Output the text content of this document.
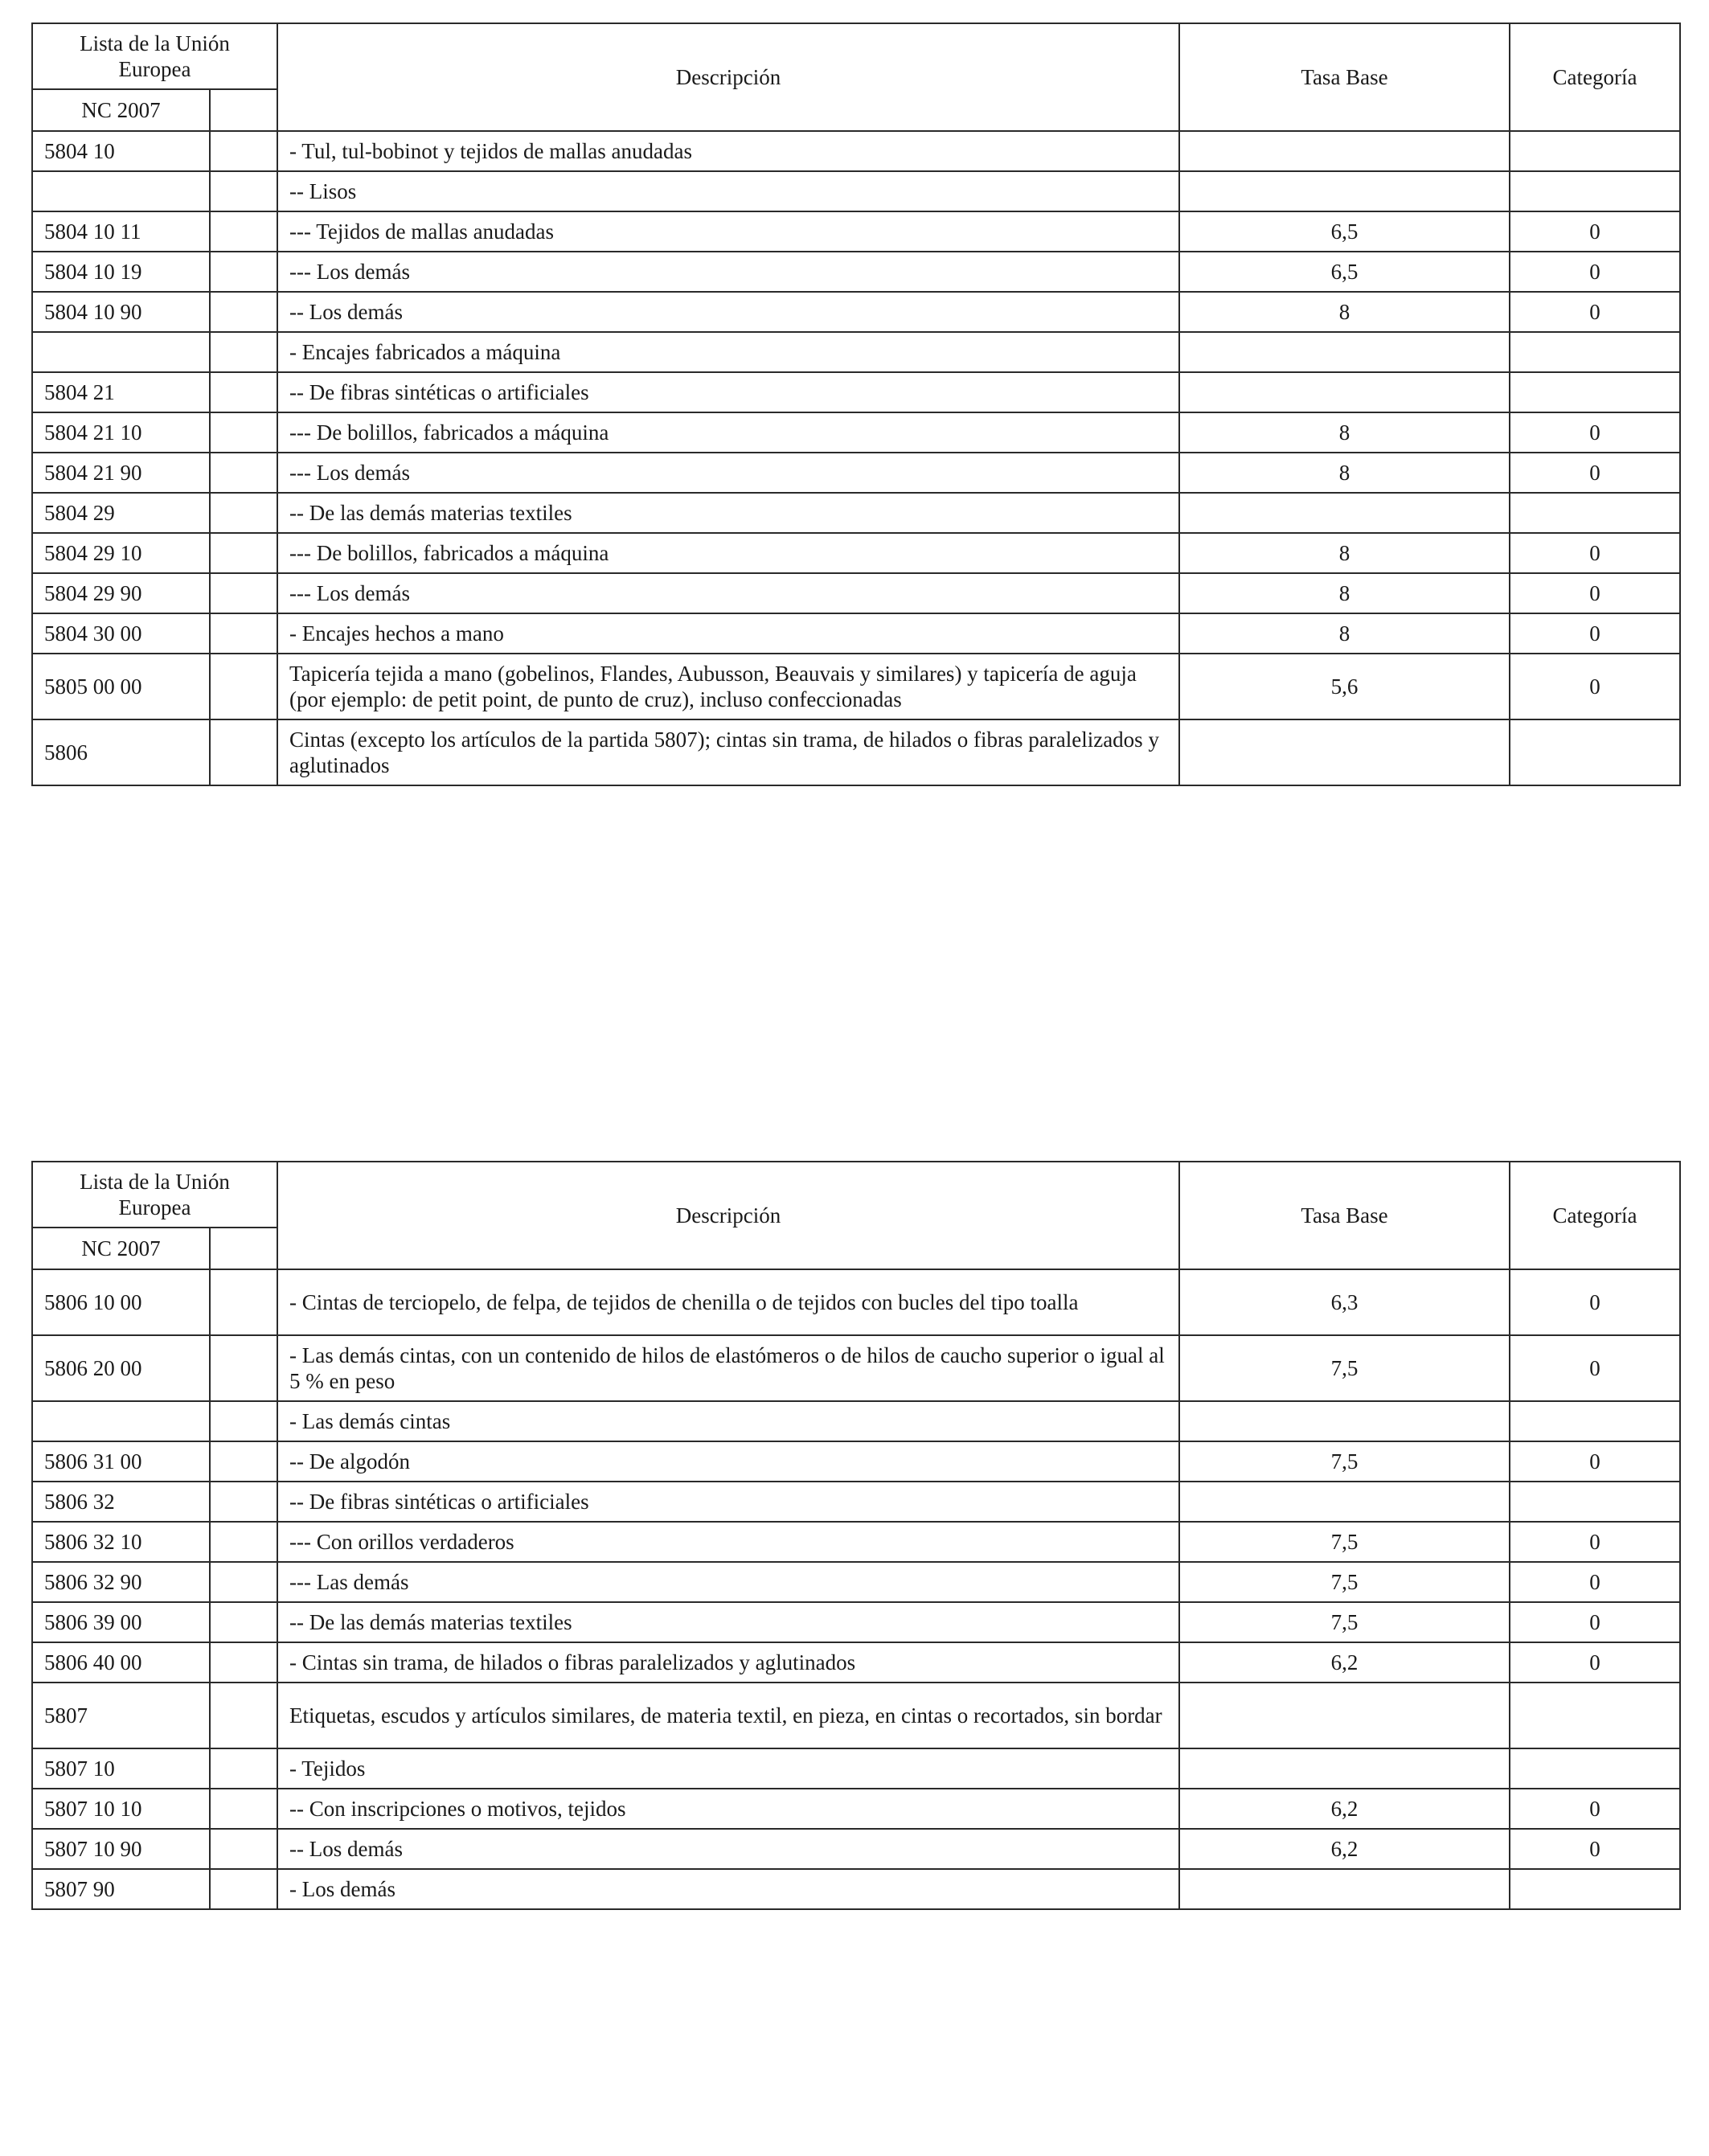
Lista de la Unión Europea		Descripción	Tasa Base	Categoría
NC 2007				
5804 10		- Tul, tul-bobinot y tejidos de mallas anudadas		
		-- Lisos		
5804 10 11		--- Tejidos de mallas anudadas	6,5	0
5804 10 19		--- Los demás	6,5	0
5804 10 90		-- Los demás	8	0
		- Encajes fabricados a máquina		
5804 21		-- De fibras sintéticas o artificiales		
5804 21 10		--- De bolillos, fabricados a máquina	8	0
5804 21 90		--- Los demás	8	0
5804 29		-- De las demás materias textiles		
5804 29 10		--- De bolillos, fabricados a máquina	8	0
5804 29 90		--- Los demás	8	0
5804 30 00		- Encajes hechos a mano	8	0
5805 00 00		Tapicería tejida a mano (gobelinos, Flandes, Aubusson, Beauvais y similares) y tapicería de aguja (por ejemplo: de petit point, de punto de cruz), incluso confeccionadas	5,6	0
5806		Cintas (excepto los artículos de la partida 5807); cintas sin trama, de hilados o fibras paralelizados y aglutinados		
Lista de la Unión Europea		Descripción	Tasa Base	Categoría
NC 2007				
5806 10 00		- Cintas de terciopelo, de felpa, de tejidos de chenilla o de tejidos con bucles del tipo toalla	6,3	0
5806 20 00		- Las demás cintas, con un contenido de hilos de elastómeros o de hilos de caucho superior o igual al 5 % en peso	7,5	0
		- Las demás cintas		
5806 31 00		-- De algodón	7,5	0
5806 32		-- De fibras sintéticas o artificiales		
5806 32 10		--- Con orillos verdaderos	7,5	0
5806 32 90		--- Las demás	7,5	0
5806 39 00		-- De las demás materias textiles	7,5	0
5806 40 00		- Cintas sin trama, de hilados o fibras paralelizados y aglutinados	6,2	0
5807		Etiquetas, escudos y artículos similares, de materia textil, en pieza, en cintas o recortados, sin bordar		
5807 10		- Tejidos		
5807 10 10		-- Con inscripciones o motivos, tejidos	6,2	0
5807 10 90		-- Los demás	6,2	0
5807 90		- Los demás		
